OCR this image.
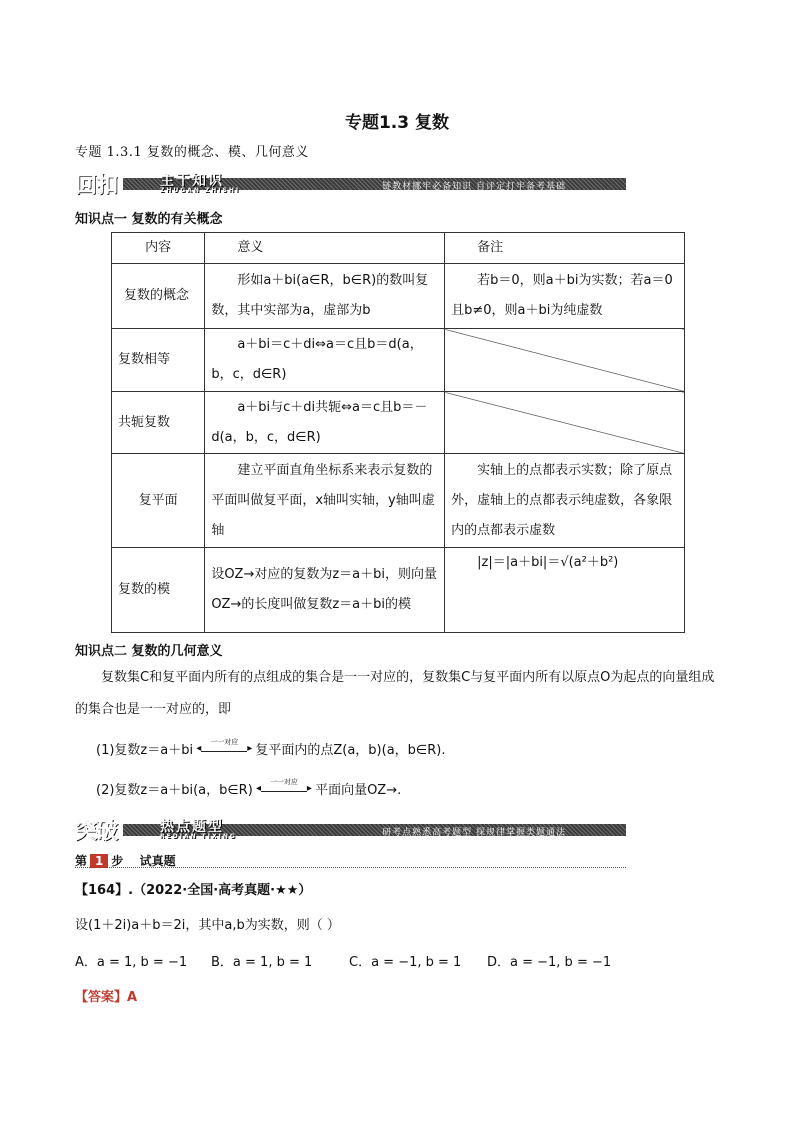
专题1.3 复数
专题 1.3.1 复数的概念、模、几何意义
回扣	主干知识
ZHUGAN ZHISHI	链教材挪牢必备知识 自评定打牢备考基础
知识点一 复数的有关概念
内容	意义	备注
复数的概念	形如a＋bi(a∈R，b∈R)的数叫复数，其中实部为a，虚部为b	若b＝0，则a＋bi为实数；若a＝0且b≠0，则a＋bi为纯虚数
复数相等	a＋bi＝c＋di⇔a＝c且b＝d(a，b，c，d∈R)	
共轭复数	a＋bi与c＋di共轭⇔a＝c且b＝－d(a，b，c，d∈R)	
复平面	建立平面直角坐标系来表示复数的平面叫做复平面，x轴叫实轴，y轴叫虚轴	实轴上的点都表示实数；除了原点外，虚轴上的点都表示纯虚数，各象限内的点都表示虚数
复数的模	设OZ→对应的复数为z＝a＋bi，则向量OZ→的长度叫做复数z＝a＋bi的模	|z|＝|a＋bi|＝√(a²＋b²)
知识点二 复数的几何意义
复数集C和复平面内所有的点组成的集合是一一对应的，复数集C与复平面内所有以原点O为起点的向量组成的集合也是一一对应的，即
(1)复数z＝a＋bi
一一对应
▸
◂ 复平面内的点Z(a，b)(a，b∈R).
(2)复数z＝a＋bi(a，b∈R)
一一对应
▸
◂ 平面向量OZ→.
突破	热点题型
REDIAN TIXING	研考点熟悉高考题型 探规律掌握类题通法
第 1 步 试真题
【164】.（2022·全国·高考真题·★★）
设(1＋2i)a＋b＝2i，其中a,b为实数，则（ ）
A．a = 1, b = −1 B．a = 1, b = 1	C．a = −1, b = 1 D．a = −1, b = −1
【答案】A
